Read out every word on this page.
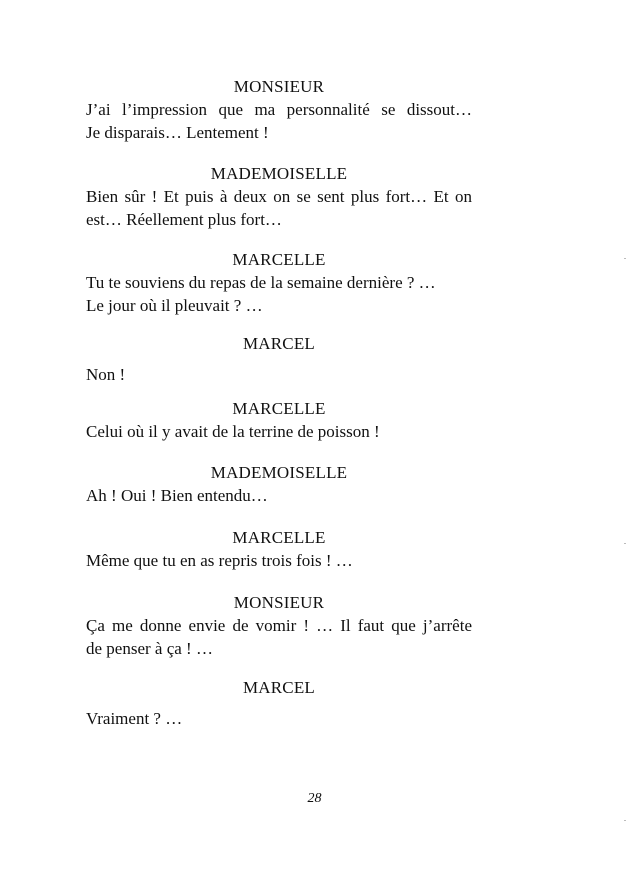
MONSIEUR
J’ai l’impression que ma personnalité se dissout…
Je disparais… Lentement !
MADEMOISELLE
Bien sûr ! Et puis à deux on se sent plus fort… Et on
est… Réellement plus fort…
MARCELLE
Tu te souviens du repas de la semaine dernière ? …
Le jour où il pleuvait ? …
MARCEL
Non !
MARCELLE
Celui où il y avait de la terrine de poisson !
MADEMOISELLE
Ah ! Oui ! Bien entendu…
MARCELLE
Même que tu en as repris trois fois ! …
MONSIEUR
Ça me donne envie de vomir ! … Il faut que j’arrête
de penser à ça ! …
MARCEL
Vraiment ? …
28
